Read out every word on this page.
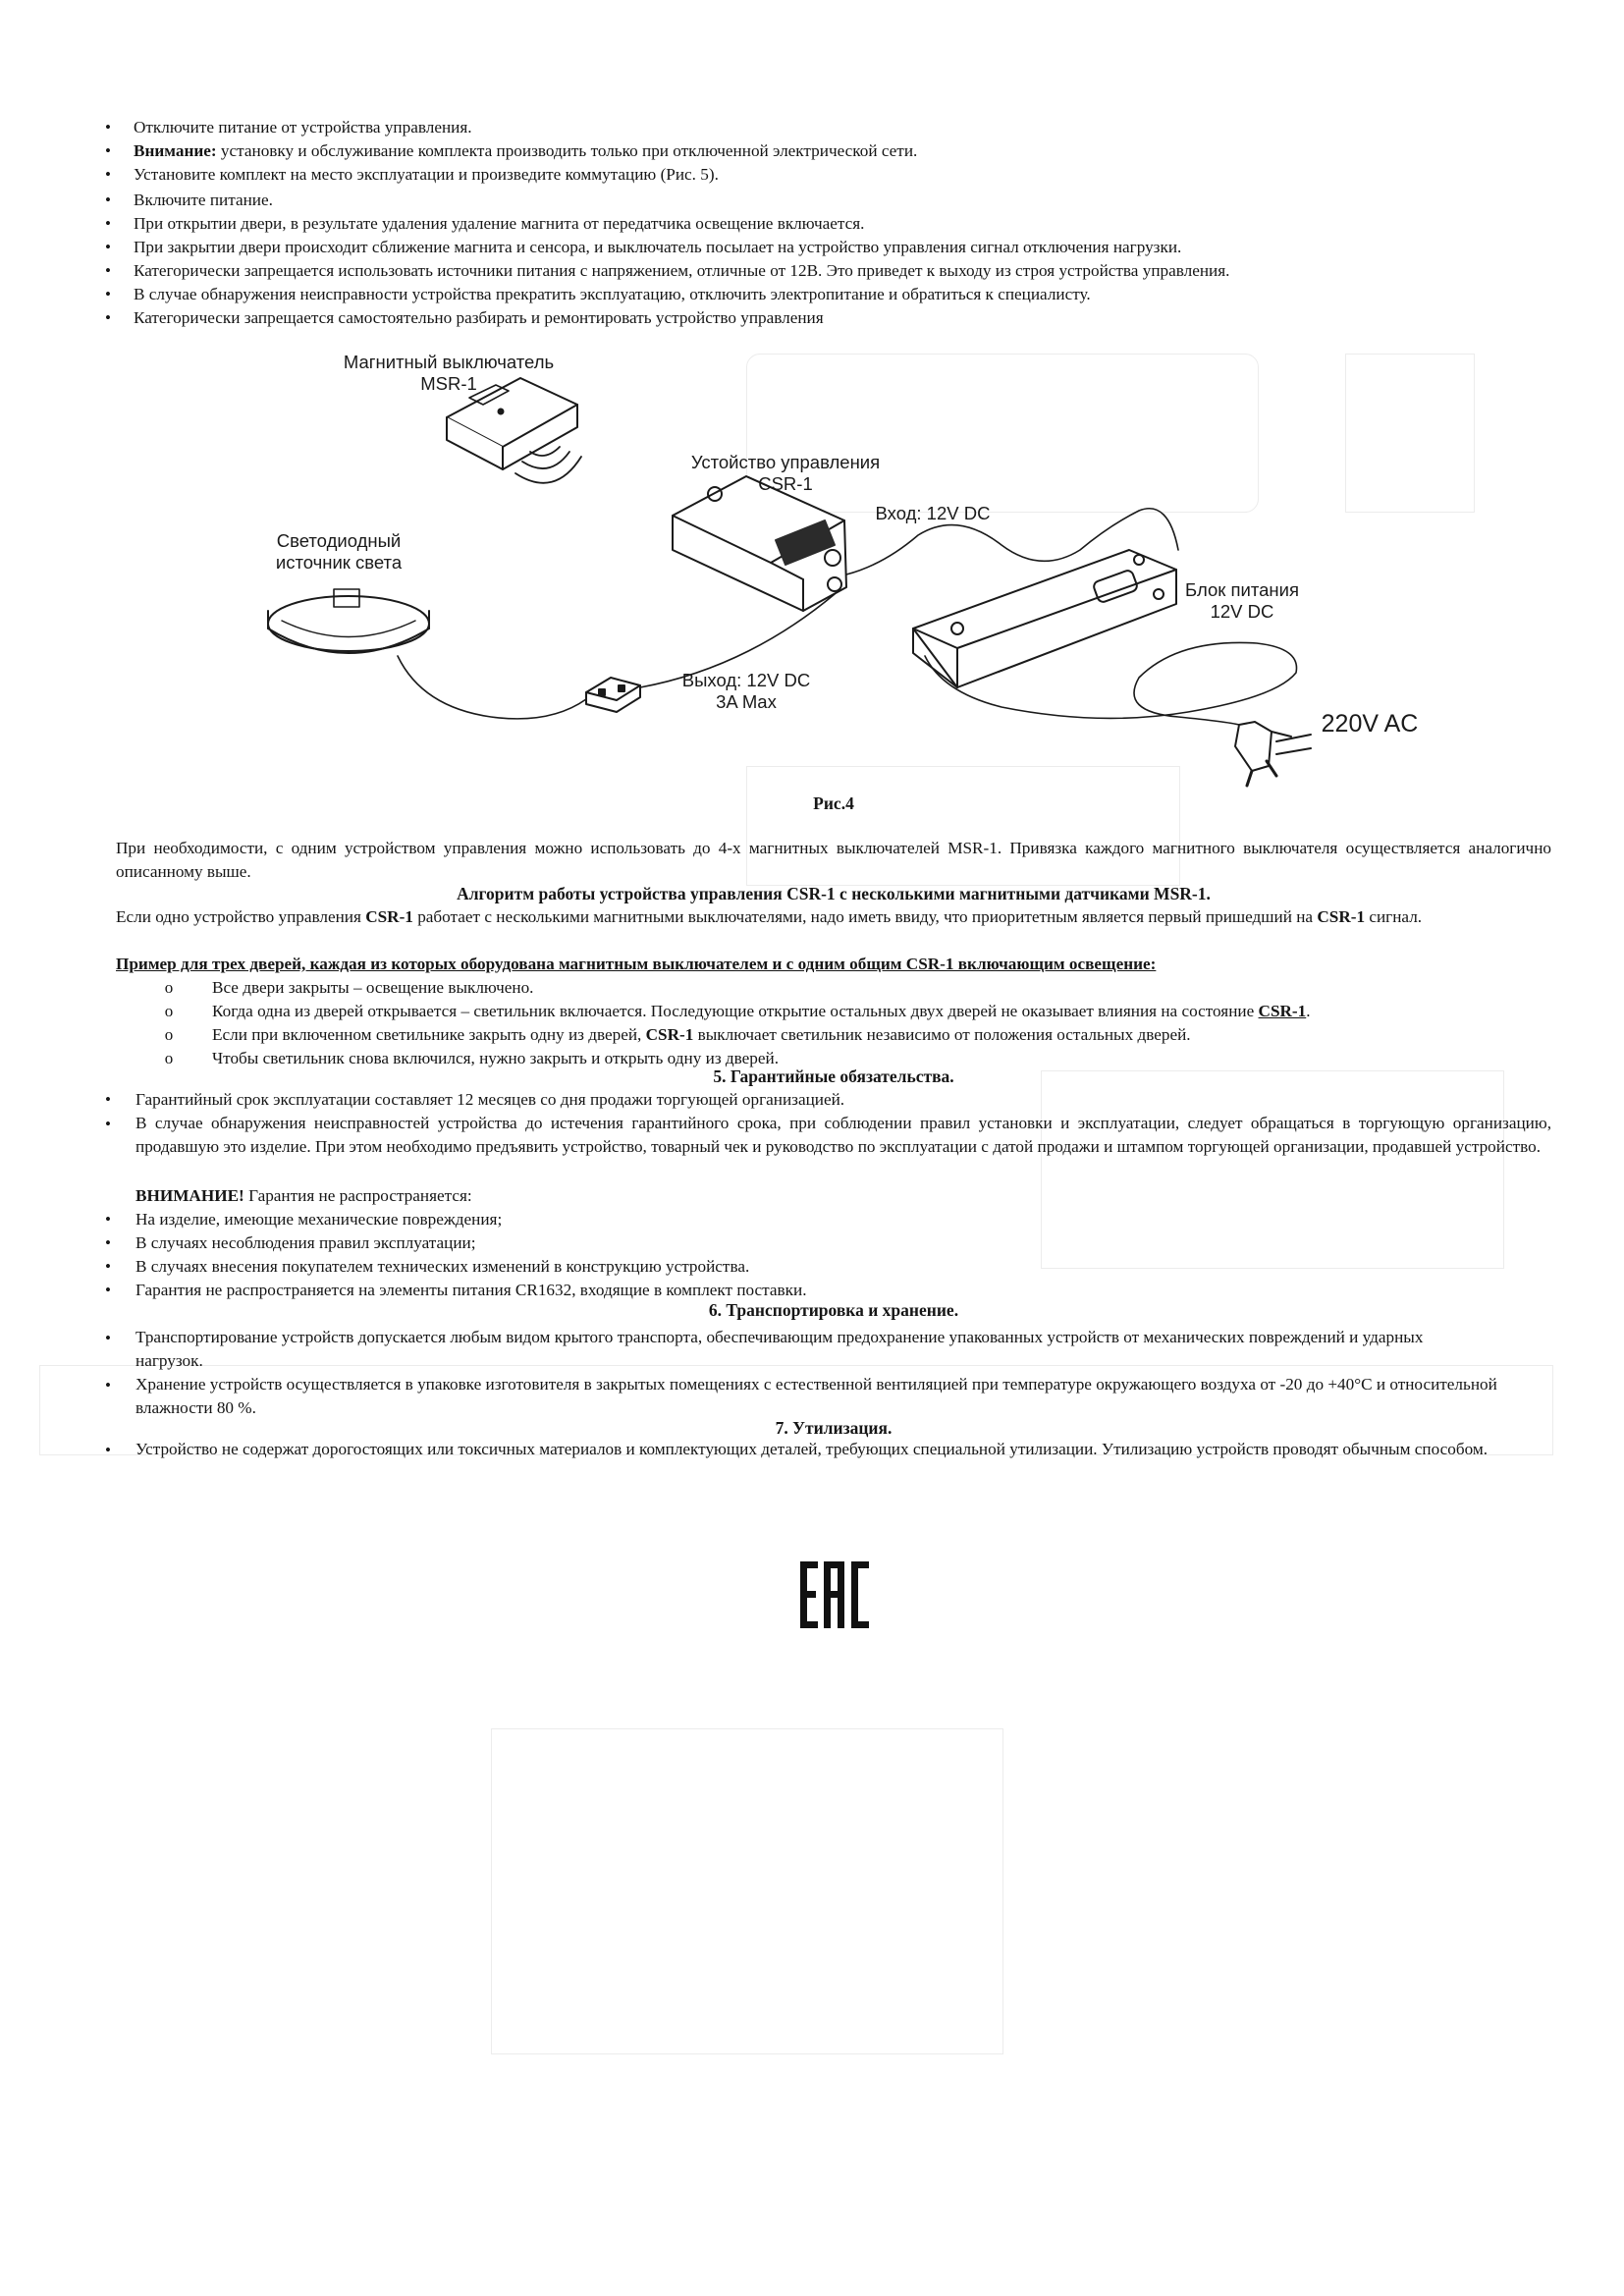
•	Отключите питание от устройства управления.
•	Внимание: установку и обслуживание комплекта производить только при отключенной электрической сети.
•	Установите комплект на место эксплуатации и произведите коммутацию (Рис. 5).
•	Включите питание.
•	При открытии двери, в результате удаления удаление магнита от передатчика освещение включается.
•	При закрытии двери происходит сближение магнита и сенсора, и выключатель посылает на устройство управления сигнал отключения нагрузки.
•	Категорически запрещается использовать источники питания с напряжением, отличные от 12В. Это приведет к выходу из строя устройства управления.
•	В случае обнаружения неисправности устройства прекратить эксплуатацию, отключить электропитание и обратиться к специалисту.
•	Категорически запрещается самостоятельно разбирать и ремонтировать устройство управления
Магнитный выключатель
MSR-1
Устойство управления
CSR-1
Вход: 12V DC
Светодиодный
источник света
Выход: 12V DC
3A Max
Блок питания
12V DC
220V AC
Рис.4
При необходимости, с одним устройством управления можно использовать до 4-х магнитных выключателей MSR-1. Привязка каждого магнитного выключателя осуществляется аналогично описанному выше.
Алгоритм работы устройства управления CSR-1 с несколькими магнитными датчиками MSR-1.
Если одно устройство управления CSR-1 работает с несколькими магнитными выключателями, надо иметь ввиду, что приоритетным является первый пришедший на CSR-1 сигнал.
Пример для трех дверей, каждая из которых оборудована магнитным выключателем и с одним общим CSR-1 включающим освещение:
o	Все двери закрыты – освещение выключено.
o	Когда одна из дверей открывается – светильник включается. Последующие открытие остальных двух дверей не оказывает влияния на состояние CSR-1.
o	Если при включенном светильнике закрыть одну из дверей, CSR-1 выключает светильник независимо от положения остальных дверей.
o	Чтобы светильник снова включился, нужно закрыть и открыть одну из дверей.
5. Гарантийные обязательства.
•	Гарантийный срок эксплуатации составляет 12 месяцев со дня продажи торгующей организацией.
•	В случае обнаружения неисправностей устройства до истечения гарантийного срока, при соблюдении правил установки и эксплуатации, следует обращаться в торгующую организацию, продавшую это изделие. При этом необходимо предъявить устройство, товарный чек и руководство по эксплуатации с датой продажи и штампом торгующей организации, продавшей устройство.
ВНИМАНИЕ! Гарантия не распространяется:
•	На изделие, имеющие механические повреждения;
•	В случаях несоблюдения правил эксплуатации;
•	В случаях внесения покупателем технических изменений в конструкцию устройства.
•	Гарантия не распространяется на элементы питания CR1632, входящие в комплект поставки.
6. Транспортировка и хранение.
•	Транспортирование устройств допускается любым видом крытого транспорта, обеспечивающим предохранение упакованных устройств от механических повреждений и ударных нагрузок.
•	Хранение устройств осуществляется в упаковке изготовителя в закрытых помещениях с естественной вентиляцией при температуре окружающего воздуха от -20 до +40°С и относительной влажности 80 %.
7. Утилизация.
•	Устройство не содержат дорогостоящих или токсичных материалов и комплектующих деталей, требующих специальной утилизации. Утилизацию устройств проводят обычным способом.
